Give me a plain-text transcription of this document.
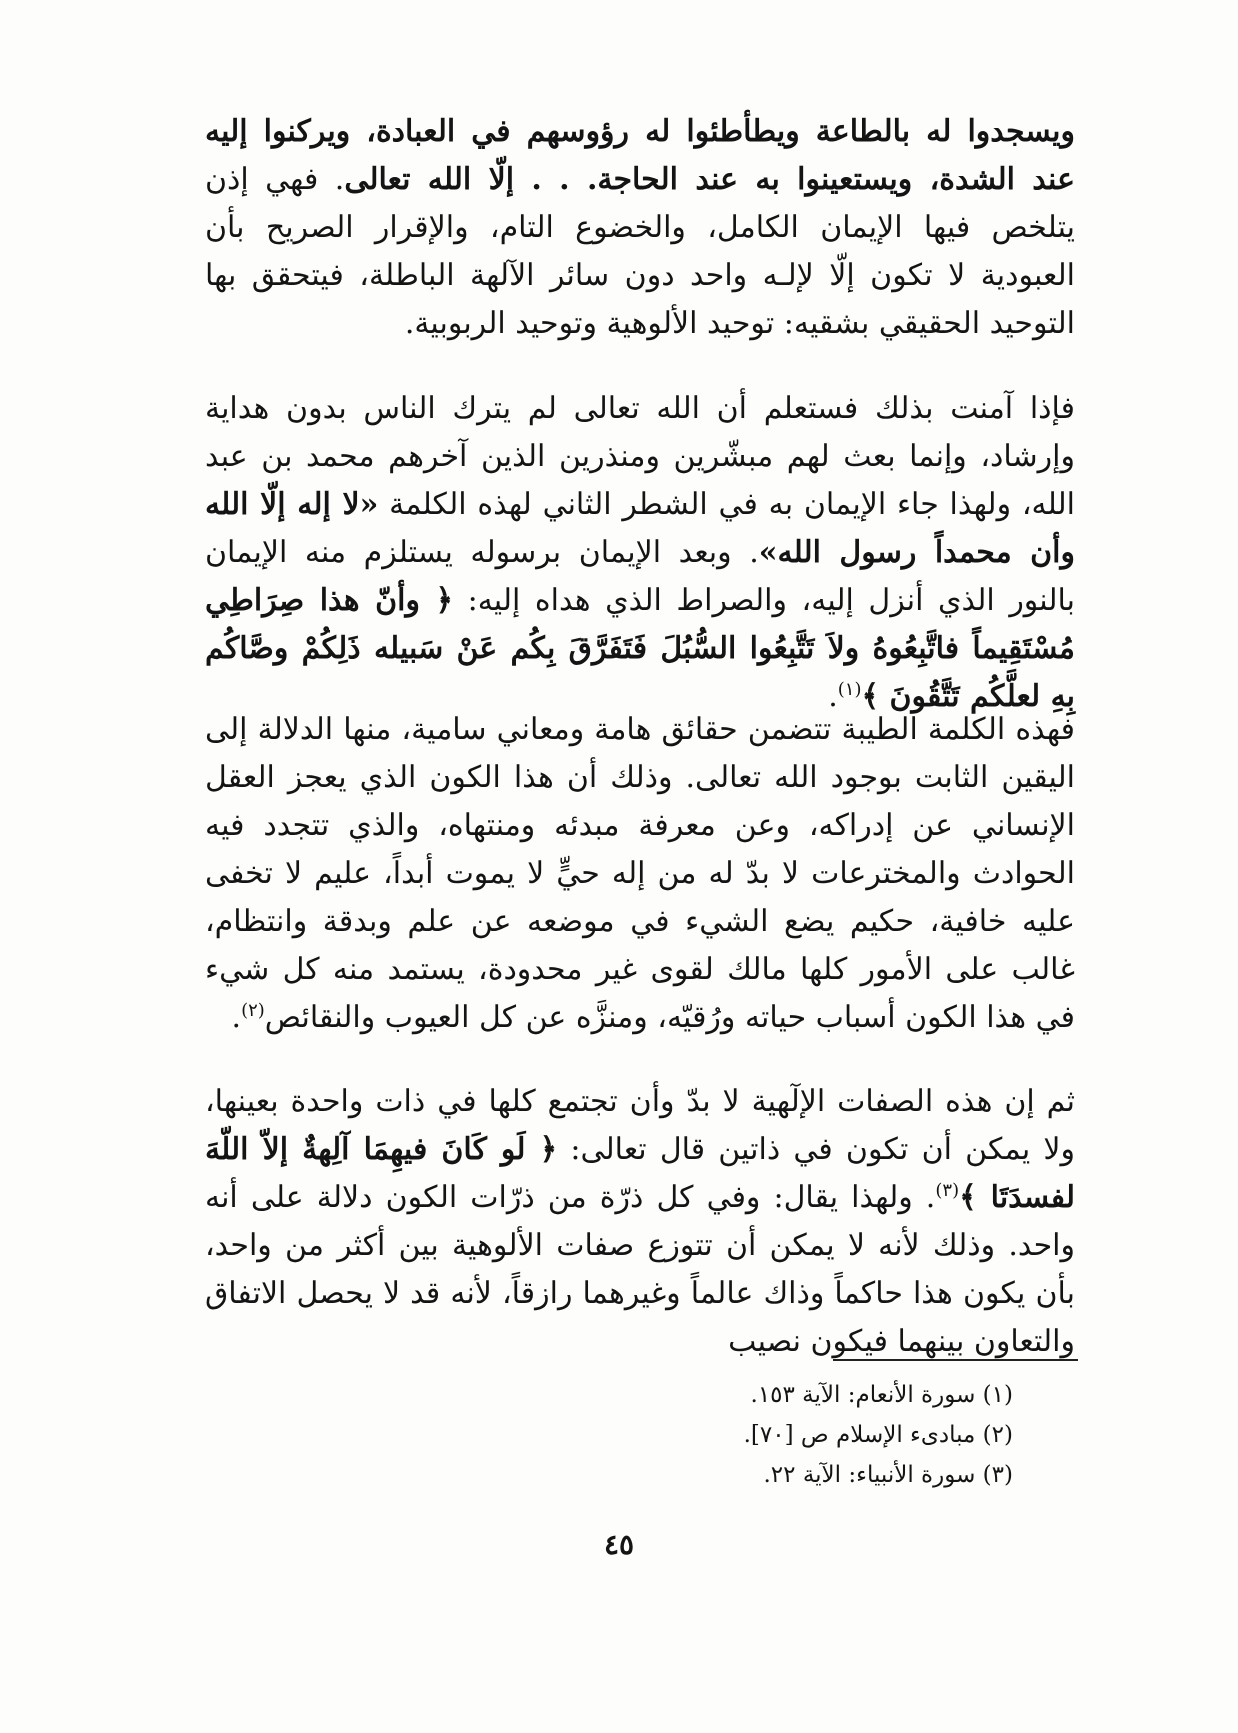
ويسجدوا له بالطاعة ويطأطئوا له رؤوسهم في العبادة، ويركنوا إليه عند الشدة، ويستعينوا به عند الحاجة. . . إلّا الله تعالى. فهي إذن يتلخص فيها الإيمان الكامل، والخضوع التام، والإقرار الصريح بأن العبودية لا تكون إلّا لإلـه واحد دون سائر الآلهة الباطلة، فيتحقق بها التوحيد الحقيقي بشقيه: توحيد الألوهية وتوحيد الربوبية.

فإذا آمنت بذلك فستعلم أن الله تعالى لم يترك الناس بدون هداية وإرشاد، وإنما بعث لهم مبشّرين ومنذرين الذين آخرهم محمد بن عبد الله، ولهذا جاء الإيمان به في الشطر الثاني لهذه الكلمة «لا إله إلّا الله وأن محمداً رسول الله». وبعد الإيمان برسوله يستلزم منه الإيمان بالنور الذي أنزل إليه، والصراط الذي هداه إليه: ﴿ وأنّ هذا صِرَاطِي مُسْتَقِيماً فاتَّبِعُوهُ ولاَ تَتَّبِعُوا السُّبُلَ فَتَفَرَّقَ بِكُم عَنْ سَبيله ذَلِكُمْ وصَّاكُم بِهِ لعلَّكُم تَتَّقُونَ ﴾$^{(١)}$.

فهذه الكلمة الطيبة تتضمن حقائق هامة ومعاني سامية، منها الدلالة إلى اليقين الثابت بوجود الله تعالى. وذلك أن هذا الكون الذي يعجز العقل الإنساني عن إدراكه، وعن معرفة مبدئه ومنتهاه، والذي تتجدد فيه الحوادث والمخترعات لا بدّ له من إله حيٍّ لا يموت أبداً، عليم لا تخفى عليه خافية، حكيم يضع الشيء في موضعه عن علم وبدقة وانتظام، غالب على الأمور كلها مالك لقوى غير محدودة، يستمد منه كل شيء في هذا الكون أسباب حياته ورُقيّه، ومنزَّه عن كل العيوب والنقائص$^{(٢)}$.

ثم إن هذه الصفات الإلٓهية لا بدّ وأن تجتمع كلها في ذات واحدة بعينها، ولا يمكن أن تكون في ذاتين قال تعالى: ﴿ لَو كَانَ فيهِمَا آلِهةٌ إلاّ اللّهَ لفسدَتَا ﴾$^{(٣)}$. ولهذا يقال: وفي كل ذرّة من ذرّات الكون دلالة على أنه واحد. وذلك لأنه لا يمكن أن تتوزع صفات الألوهية بين أكثر من واحد، بأن يكون هذا حاكماً وذاك عالماً وغيرهما رازقاً، لأنه قد لا يحصل الاتفاق والتعاون بينهما فيكون نصيب

(١) سورة الأنعام: الآية ١٥٣.

(٢) مبادىء الإسلام ص [٧٠].

(٣) سورة الأنبياء: الآية ٢٢.

٤٥
